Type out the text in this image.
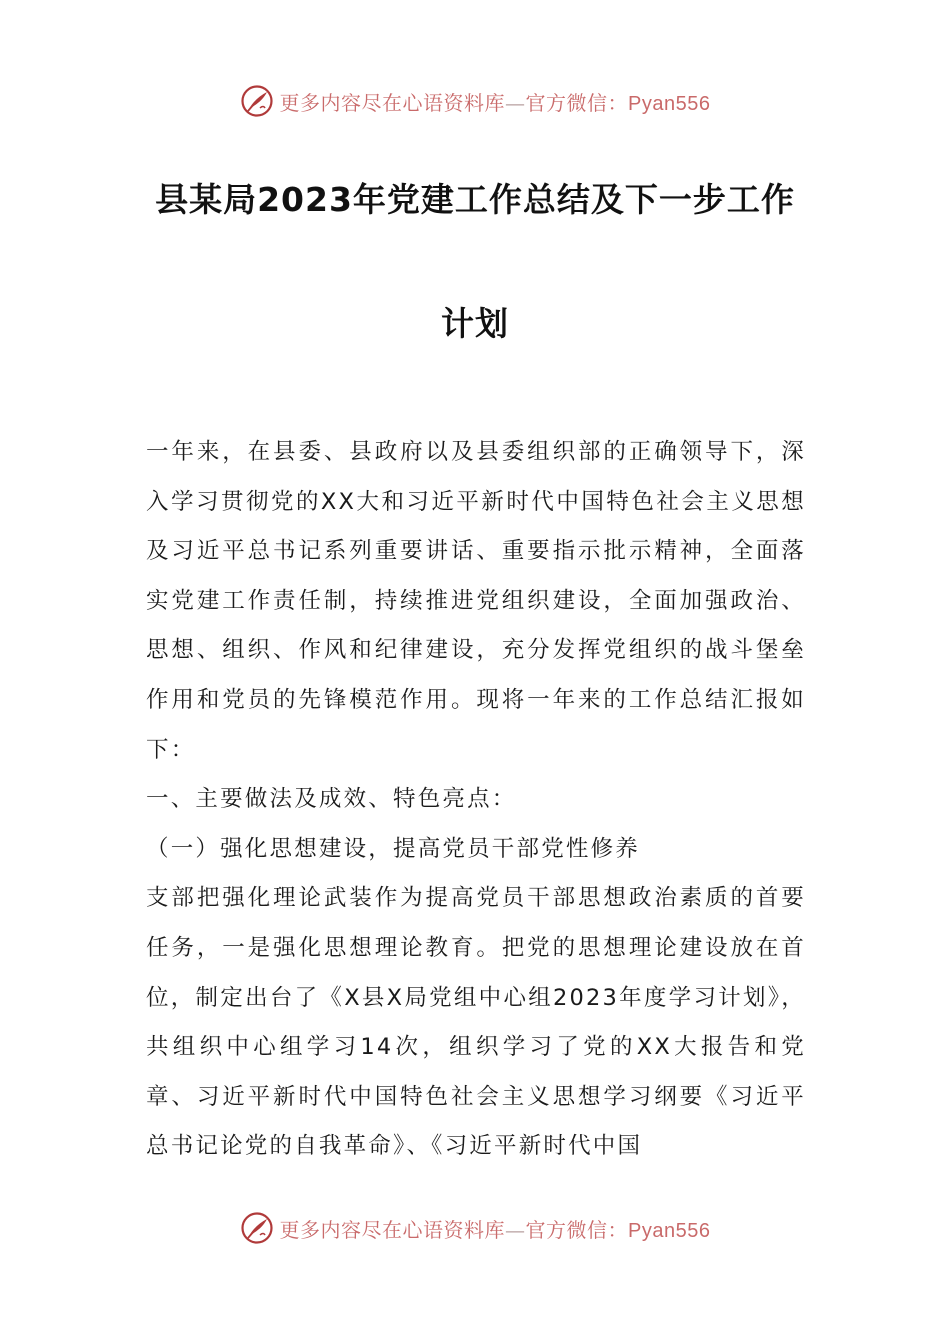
更多内容尽在心语资料库—官方微信：Pyan556
县某局2023年党建工作总结及下一步工作
计划

一年来，在县委、县政府以及县委组织部的正确领导下，深入学习贯彻党的XX大和习近平新时代中国特色社会主义思想及习近平总书记系列重要讲话、重要指示批示精神，全面落实党建工作责任制，持续推进党组织建设，全面加强政治、思想、组织、作风和纪律建设，充分发挥党组织的战斗堡垒作用和党员的先锋模范作用。现将一年来的工作总结汇报如下：

一、主要做法及成效、特色亮点：

（一）强化思想建设，提高党员干部党性修养

支部把强化理论武装作为提高党员干部思想政治素质的首要任务，一是强化思想理论教育。把党的思想理论建设放在首位，制定出台了《X县X局党组中心组2023年度学习计划》，共组织中心组学习14次，组织学习了党的XX大报告和党章、习近平新时代中国特色社会主义思想学习纲要《习近平总书记论党的自我革命》、《习近平新时代中国

更多内容尽在心语资料库—官方微信：Pyan556
